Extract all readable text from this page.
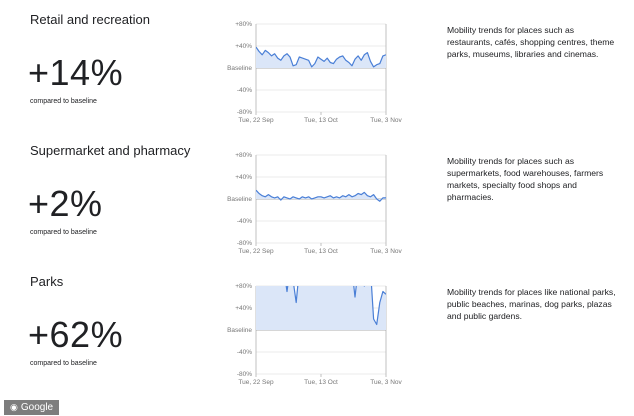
Retail and recreation
+14%
compared to baseline
+80%
+40%
Baseline
-40%
-80%
Tue, 22 Sep	Tue, 13 Oct	Tue, 3 Nov
Mobility trends for places such as restaurants, cafés, shopping centres, theme parks, museums, libraries and cinemas.
Supermarket and pharmacy
+2%
compared to baseline
+80%
+40%
Baseline
-40%
-80%
Tue, 22 Sep	Tue, 13 Oct	Tue, 3 Nov
Mobility trends for places such as supermarkets, food warehouses, farmers markets, specialty food shops and pharmacies.
Parks
+62%
compared to baseline
+80%
+40%
Baseline
-40%
-80%
Tue, 22 Sep	Tue, 13 Oct	Tue, 3 Nov
Mobility trends for places like national parks, public beaches, marinas, dog parks, plazas and public gardens.
◉ Google
